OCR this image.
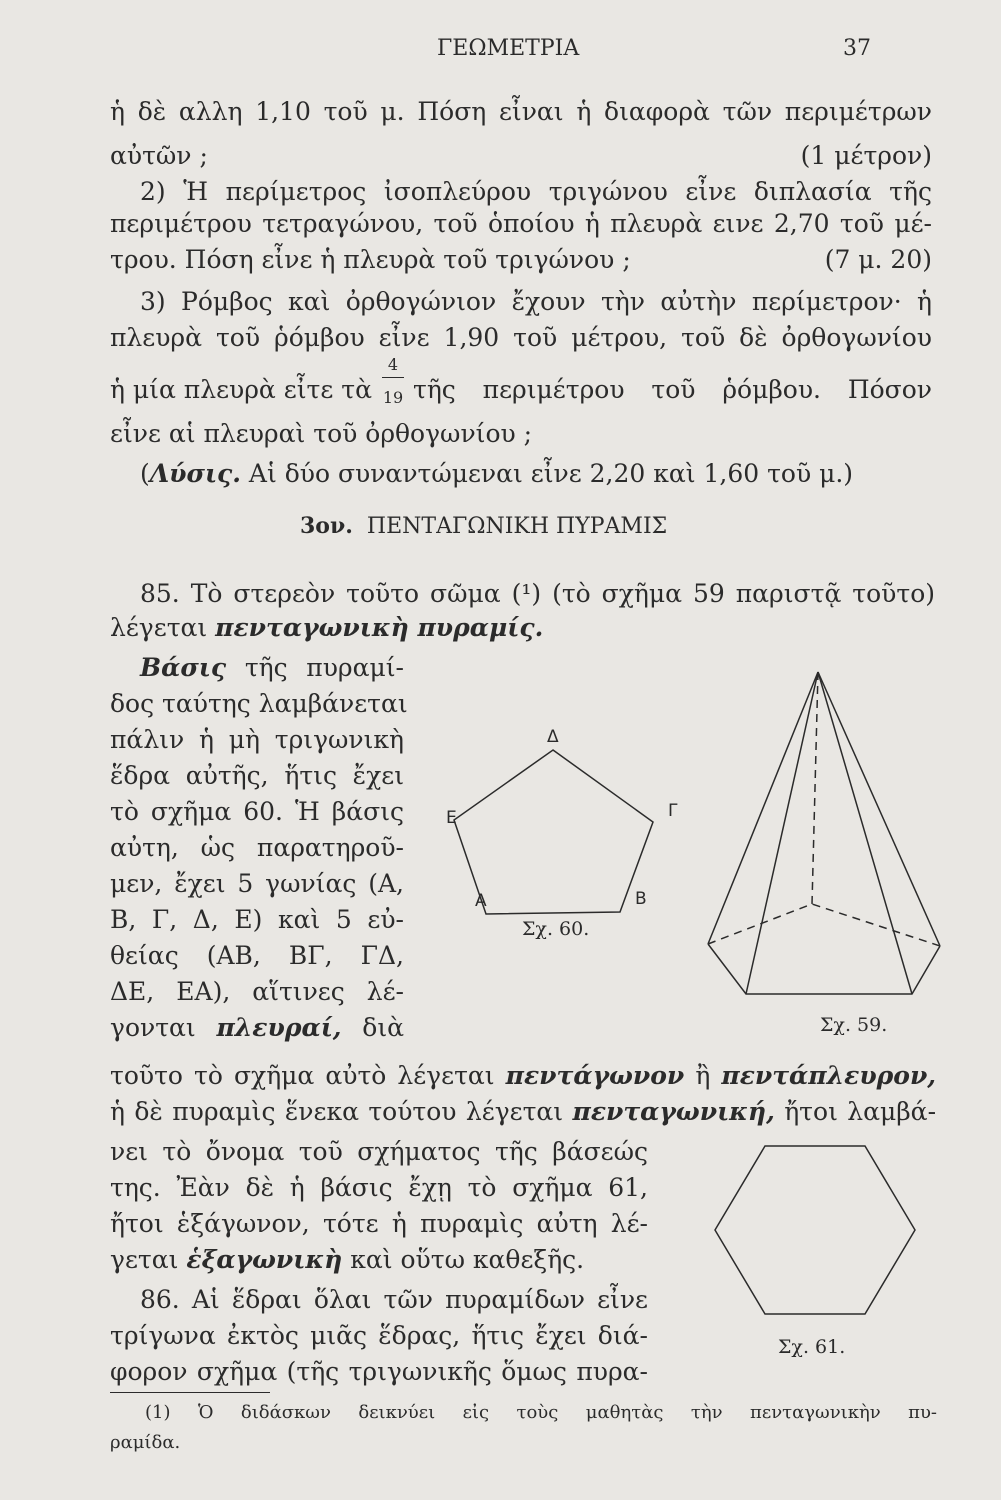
ΓΕΩΜΕΤΡΙΑ	37
ἡ δὲ αλλη 1,10 τοῦ μ. Πόση εἶναι ἡ διαφορὰ τῶν περιμέτρων
αὐτῶν ;	(1 μέτρον)
2) Ἡ περίμετρος ἰσοπλεύρου τριγώνου εἶνε διπλασία τῆς
περιμέτρου τετραγώνου, τοῦ ὁποίου ἡ πλευρὰ εινε 2,70 τοῦ μέ-
τρου. Πόση εἶνε ἡ πλευρὰ τοῦ τριγώνου ;	(7 μ. 20)
3) Ρόμβος καὶ ὀρθογώνιον ἔχουν τὴν αὐτὴν περίμετρον· ἡ
πλευρὰ τοῦ ῥόμβου εἶνε 1,90 τοῦ μέτρου, τοῦ δὲ ὀρθογωνίου
ἡ μία πλευρὰ εἶτε τὰ
4
19 τῆς περιμέτρου τοῦ ῥόμβου. Πόσον
εἶνε αἱ πλευραὶ τοῦ ὀρθογωνίου ;
(Λύσις. Αἱ δύο συναντώμεναι εἶνε 2,20 καὶ 1,60 τοῦ μ.)
3ον. ΠΕΝΤΑΓΩΝΙΚΗ ΠΥΡΑΜΙΣ
85. Τὸ στερεὸν τοῦτο σῶμα (¹) (τὸ σχῆμα 59 παριστᾷ τοῦτο)
λέγεται πενταγωνικὴ πυραμίς.
Βάσις τῆς πυραμί-
δος ταύτης λαμβάνεται
πάλιν ἡ μὴ τριγωνικὴ
ἕδρα αὐτῆς, ἥτις ἔχει
τὸ σχῆμα 60. Ἡ βάσις
αὐτη, ὡς παρατηροῦ-
μεν, ἔχει 5 γωνίας (Α,
Β, Γ, Δ, Ε) καὶ 5 εὐ-
θείας (ΑΒ, ΒΓ, ΓΔ,
ΔΕ, ΕΑ), αἵτινες λέ-
γονται πλευραί, διὰ
τοῦτο τὸ σχῆμα αὐτὸ λέγεται πεντάγωνον ἢ πεντάπλευρον,
ἡ δὲ πυραμὶς ἕνεκα τούτου λέγεται πενταγωνική, ἤτοι λαμβά-
νει τὸ ὄνομα τοῦ σχήματος τῆς βάσεώς
της. Ἐὰν δὲ ἡ βάσις ἔχῃ τὸ σχῆμα 61,
ἤτοι ἑξάγωνον, τότε ἡ πυραμὶς αὐτη λέ-
γεται ἑξαγωνικὴ καὶ οὕτω καθεξῆς.
86. Αἱ ἕδραι ὅλαι τῶν πυραμίδων εἶνε
τρίγωνα ἐκτὸς μιᾶς ἕδρας, ἥτις ἔχει διά-
φορον σχῆμα (τῆς τριγωνικῆς ὅμως πυρα-
(1) Ὁ διδάσκων δεικνύει εἰς τοὺς μαθητὰς τὴν πενταγωνικὴν πυ-
ραμίδα.
Δ
Γ
Β
Α
Ε
Σχ. 60.
Σχ. 59.
Σχ. 61.
